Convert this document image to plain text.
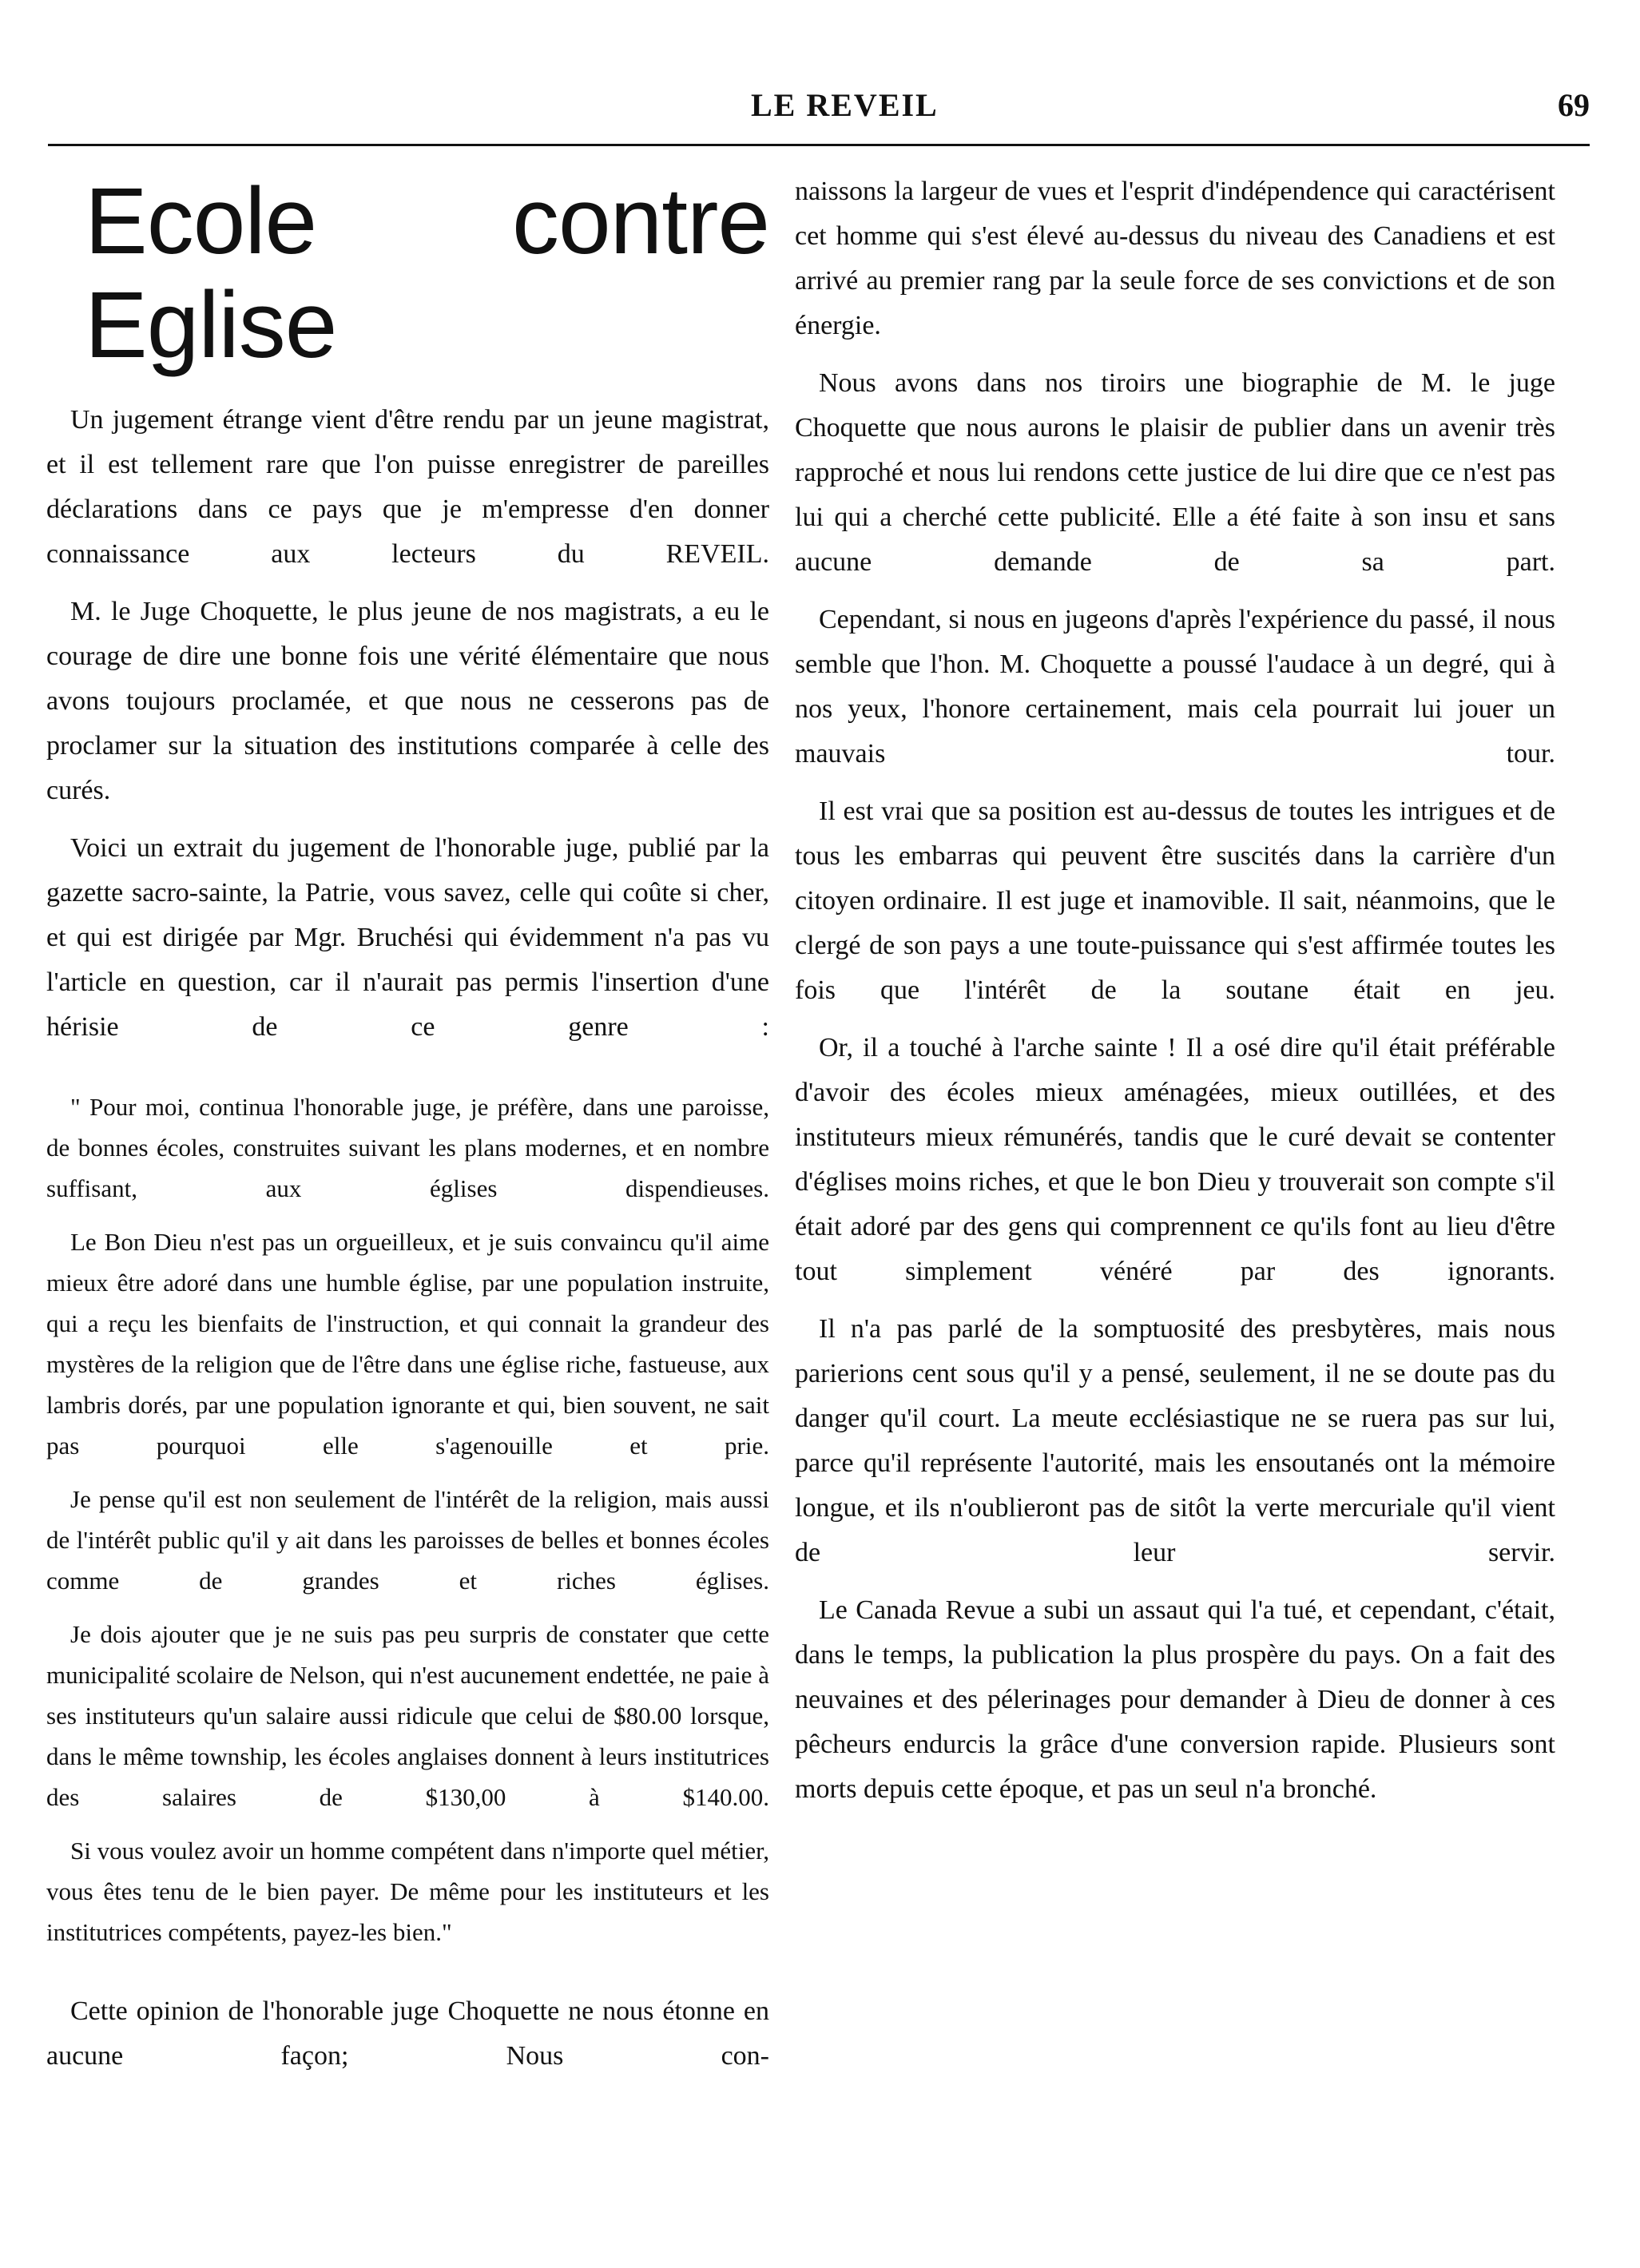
LE REVEIL	69
Ecole contre Eglise

Un jugement étrange vient d'être rendu par un jeune magistrat, et il est tellement rare que l'on puisse enregistrer de pareilles déclarations dans ce pays que je m'empresse d'en donner connaissance aux lecteurs du REVEIL.

M. le Juge Choquette, le plus jeune de nos magistrats, a eu le courage de dire une bonne fois une vérité élémentaire que nous avons toujours proclamée, et que nous ne cesserons pas de proclamer sur la situation des institutions comparée à celle des curés.

Voici un extrait du jugement de l'honorable juge, publié par la gazette sacro-sainte, la Patrie, vous savez, celle qui coûte si cher, et qui est dirigée par Mgr. Bruchési qui évidemment n'a pas vu l'article en question, car il n'aurait pas permis l'insertion d'une hérisie de ce genre :

" Pour moi, continua l'honorable juge, je préfère, dans une paroisse, de bonnes écoles, construites suivant les plans modernes, et en nombre suffisant, aux églises dispendieuses.

Le Bon Dieu n'est pas un orgueilleux, et je suis convaincu qu'il aime mieux être adoré dans une humble église, par une population instruite, qui a reçu les bienfaits de l'instruction, et qui connait la grandeur des mystères de la religion que de l'être dans une église riche, fastueuse, aux lambris dorés, par une population ignorante et qui, bien souvent, ne sait pas pourquoi elle s'agenouille et prie.

Je pense qu'il est non seulement de l'intérêt de la religion, mais aussi de l'intérêt public qu'il y ait dans les paroisses de belles et bonnes écoles comme de grandes et riches églises.

Je dois ajouter que je ne suis pas peu surpris de constater que cette municipalité scolaire de Nelson, qui n'est aucunement endettée, ne paie à ses instituteurs qu'un salaire aussi ridicule que celui de $80.00 lorsque, dans le même township, les écoles anglaises donnent à leurs institutrices des salaires de $130,00 à $140.00.

Si vous voulez avoir un homme compétent dans n'importe quel métier, vous êtes tenu de le bien payer. De même pour les instituteurs et les institutrices compétents, payez-les bien."

Cette opinion de l'honorable juge Choquette ne nous étonne en aucune façon; Nous con-

naissons la largeur de vues et l'esprit d'indépendence qui caractérisent cet homme qui s'est élevé au-dessus du niveau des Canadiens et est arrivé au premier rang par la seule force de ses convictions et de son énergie.

Nous avons dans nos tiroirs une biographie de M. le juge Choquette que nous aurons le plaisir de publier dans un avenir très rapproché et nous lui rendons cette justice de lui dire que ce n'est pas lui qui a cherché cette publicité. Elle a été faite à son insu et sans aucune demande de sa part.

Cependant, si nous en jugeons d'après l'expérience du passé, il nous semble que l'hon. M. Choquette a poussé l'audace à un degré, qui à nos yeux, l'honore certainement, mais cela pourrait lui jouer un mauvais tour.

Il est vrai que sa position est au-dessus de toutes les intrigues et de tous les embarras qui peuvent être suscités dans la carrière d'un citoyen ordinaire. Il est juge et inamovible. Il sait, néanmoins, que le clergé de son pays a une toute-puissance qui s'est affirmée toutes les fois que l'intérêt de la soutane était en jeu.

Or, il a touché à l'arche sainte ! Il a osé dire qu'il était préférable d'avoir des écoles mieux aménagées, mieux outillées, et des instituteurs mieux rémunérés, tandis que le curé devait se contenter d'églises moins riches, et que le bon Dieu y trouverait son compte s'il était adoré par des gens qui comprennent ce qu'ils font au lieu d'être tout simplement vénéré par des ignorants.

Il n'a pas parlé de la somptuosité des presbytères, mais nous parierions cent sous qu'il y a pensé, seulement, il ne se doute pas du danger qu'il court. La meute ecclésiastique ne se ruera pas sur lui, parce qu'il représente l'autorité, mais les ensoutanés ont la mémoire longue, et ils n'oublieront pas de sitôt la verte mercuriale qu'il vient de leur servir.

Le Canada Revue a subi un assaut qui l'a tué, et cependant, c'était, dans le temps, la publication la plus prospère du pays. On a fait des neuvaines et des pélerinages pour demander à Dieu de donner à ces pêcheurs endurcis la grâce d'une conversion rapide. Plusieurs sont morts depuis cette époque, et pas un seul n'a bronché.
